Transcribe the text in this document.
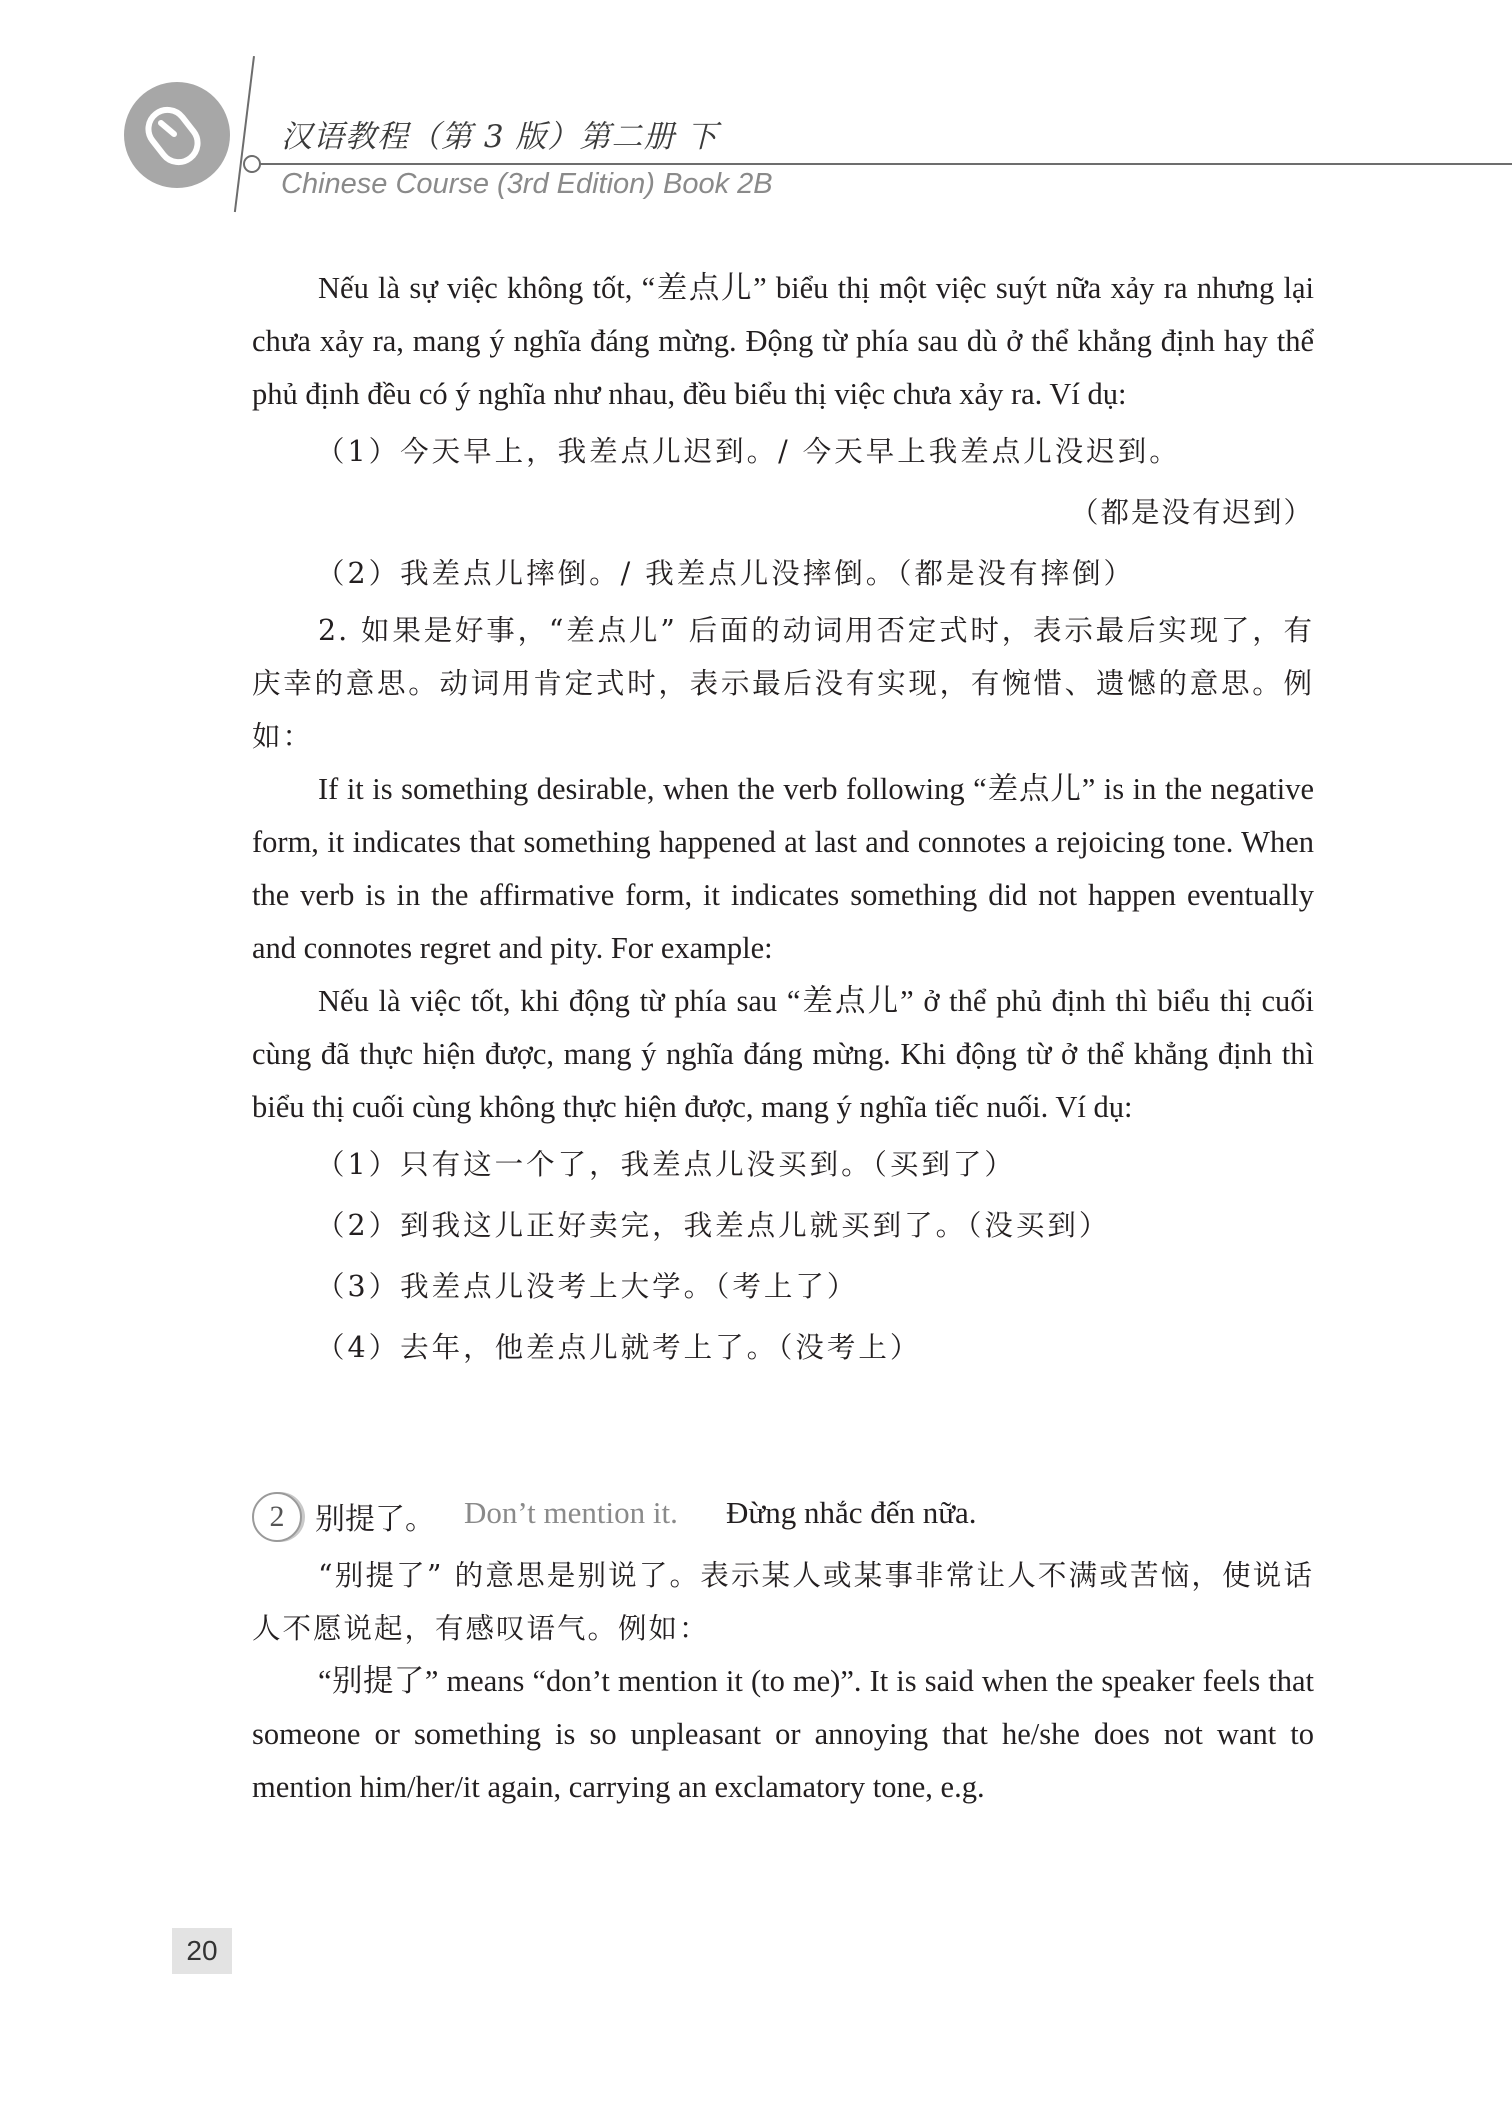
汉语教程（第 3 版）第二册 下
Chinese Course (3rd Edition) Book 2B

Nếu là sự việc không tốt, “差点儿” biểu thị một việc suýt nữa xảy ra nhưng lại chưa xảy ra, mang ý nghĩa đáng mừng. Động từ phía sau dù ở thể khẳng định hay thể phủ định đều có ý nghĩa như nhau, đều biểu thị việc chưa xảy ra. Ví dụ:

（1）今天早上，我差点儿迟到。/ 今天早上我差点儿没迟到。

（都是没有迟到）

（2）我差点儿摔倒。/ 我差点儿没摔倒。（都是没有摔倒）

2. 如果是好事，“差点儿” 后面的动词用否定式时，表示最后实现了，有庆幸的意思。动词用肯定式时，表示最后没有实现，有惋惜、遗憾的意思。例如：

If it is something desirable, when the verb following “差点儿” is in the negative form, it indicates that something happened at last and connotes a rejoicing tone. When the verb is in the affirmative form, it indicates something did not happen eventually and connotes regret and pity. For example:

Nếu là việc tốt, khi động từ phía sau “差点儿” ở thể phủ định thì biểu thị cuối cùng đã thực hiện được, mang ý nghĩa đáng mừng. Khi động từ ở thể khẳng định thì biểu thị cuối cùng không thực hiện được, mang ý nghĩa tiếc nuối. Ví dụ:

（1）只有这一个了，我差点儿没买到。（买到了）

（2）到我这儿正好卖完，我差点儿就买到了。（没买到）

（3）我差点儿没考上大学。（考上了）

（4）去年，他差点儿就考上了。（没考上）

2	别提了。 Don’t mention it. Đừng nhắc đến nữa.

“别提了” 的意思是别说了。表示某人或某事非常让人不满或苦恼，使说话人不愿说起，有感叹语气。例如：

“别提了” means “don’t mention it (to me)”. It is said when the speaker feels that someone or something is so unpleasant or annoying that he/she does not want to mention him/her/it again, carrying an exclamatory tone, e.g.

20
